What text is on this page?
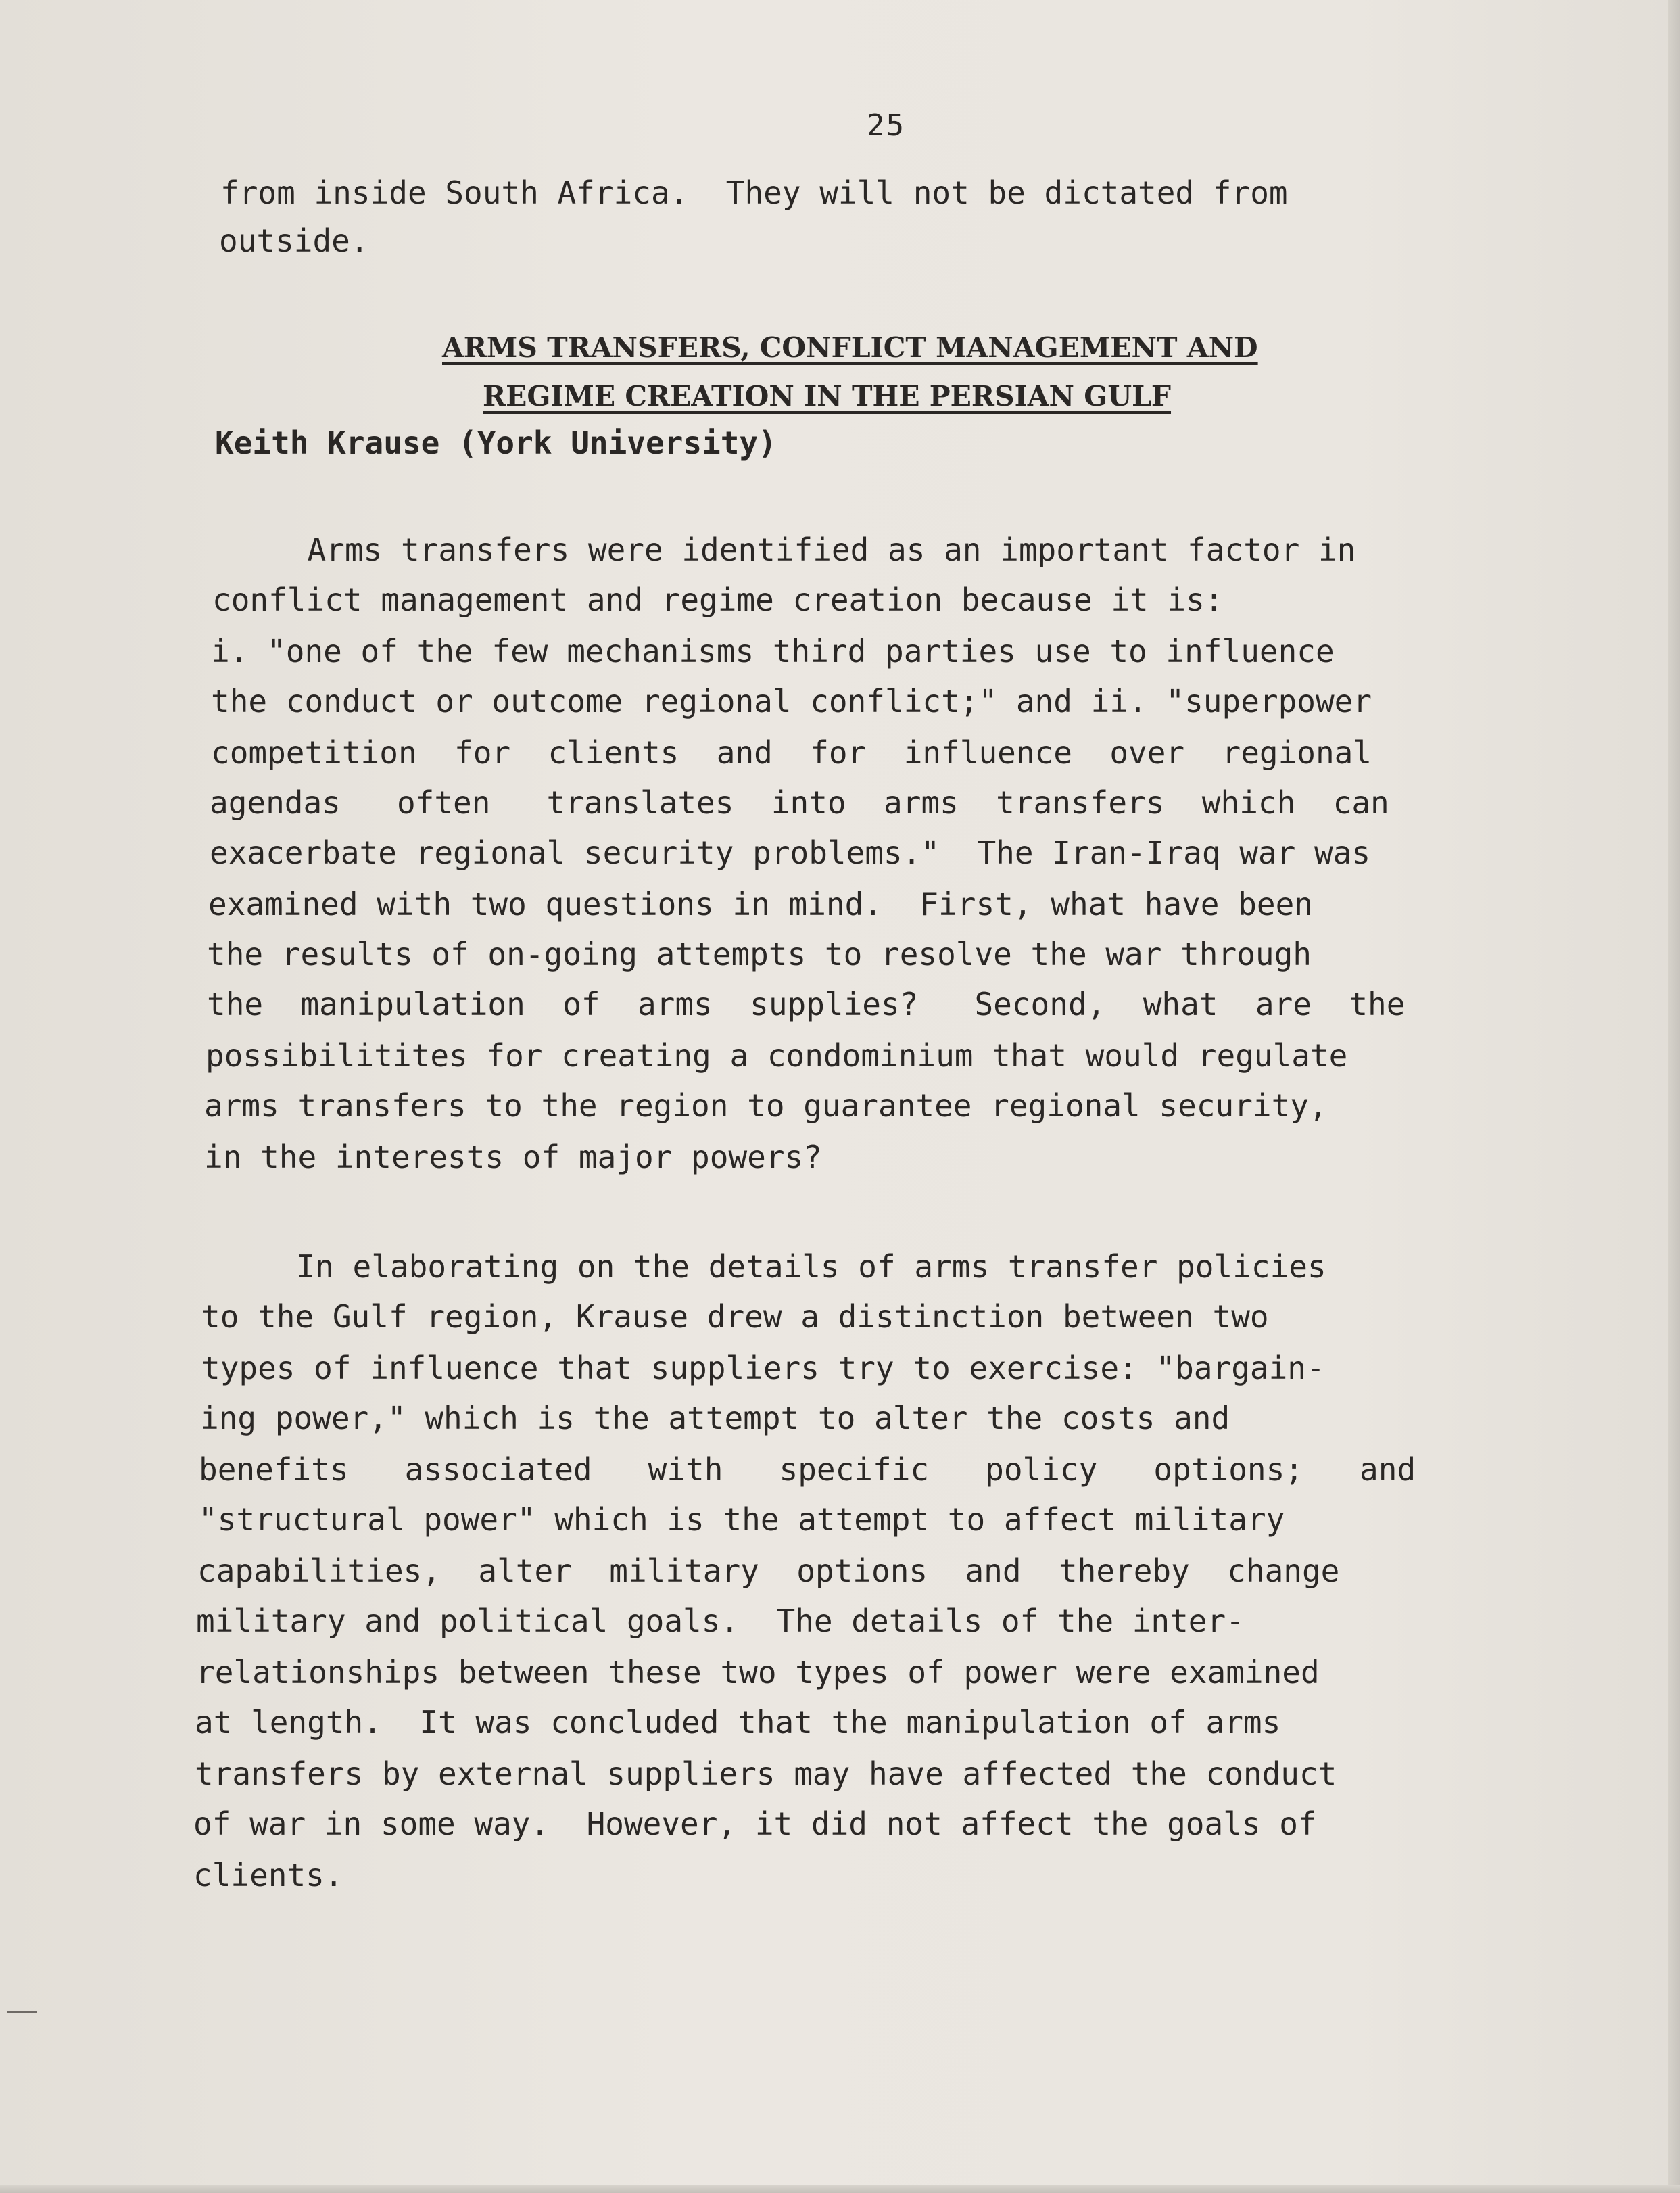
25
from inside South Africa.  They will not be dictated from
outside.
ARMS TRANSFERS, CONFLICT MANAGEMENT AND
REGIME CREATION IN THE PERSIAN GULF
Keith Krause (York University)
Arms transfers were identified as an important factor in
conflict management and regime creation because it is:
i. "one of the few mechanisms third parties use to influence
the conduct or outcome regional conflict;" and ii. "superpower
competition  for  clients  and  for  influence  over  regional
agendas   often   translates  into  arms  transfers  which  can
exacerbate regional security problems."  The Iran-Iraq war was
examined with two questions in mind.  First, what have been
the results of on-going attempts to resolve the war through
the  manipulation  of  arms  supplies?   Second,  what  are  the
possibilitites for creating a condominium that would regulate
arms transfers to the region to guarantee regional security,
in the interests of major powers?
In elaborating on the details of arms transfer policies
to the Gulf region, Krause drew a distinction between two
types of influence that suppliers try to exercise: "bargain-
ing power," which is the attempt to alter the costs and
benefits   associated   with   specific   policy   options;   and
"structural power" which is the attempt to affect military
capabilities,  alter  military  options  and  thereby  change
military and political goals.  The details of the inter-
relationships between these two types of power were examined
at length.  It was concluded that the manipulation of arms
transfers by external suppliers may have affected the conduct
of war in some way.  However, it did not affect the goals of
clients.
